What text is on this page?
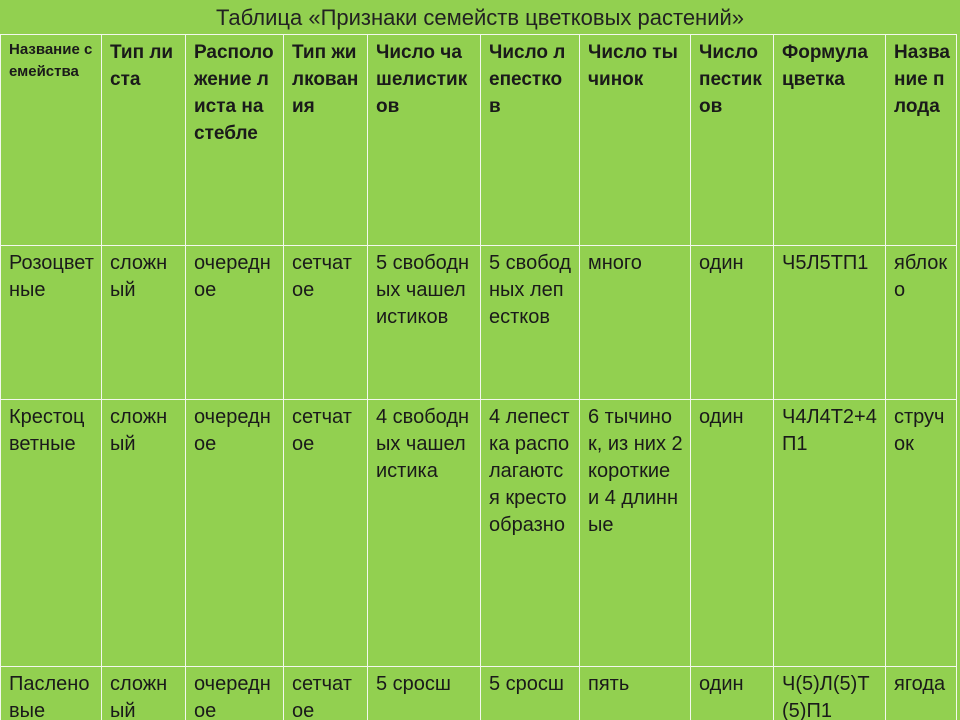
Таблица «Признаки семейств цветковых растений»
Название семейства	Тип листа	Расположение листа на стебле	Тип жилкования	Число чашелистиков	Число лепестков	Число тычинок	Число пестиков	Формула цветка	Название плода
Розоцветные	сложный	очередное	сетчатое	5 свободных чашелистиков	5 свободных лепестков	много	один	Ч5Л5ТП1	яблоко
Крестоцветные	сложный	очередное	сетчатое	4 свободных чашелистика	4 лепестка располагаются крестообразно	6 тычинок, из них 2 короткие и 4 длинные	один	Ч4Л4Т2+4П1	стручок
Пасленовые	сложный	очередное	сетчатое	5 сросш	5 сросш	пять	один	Ч(5)Л(5)Т(5)П1	ягода
